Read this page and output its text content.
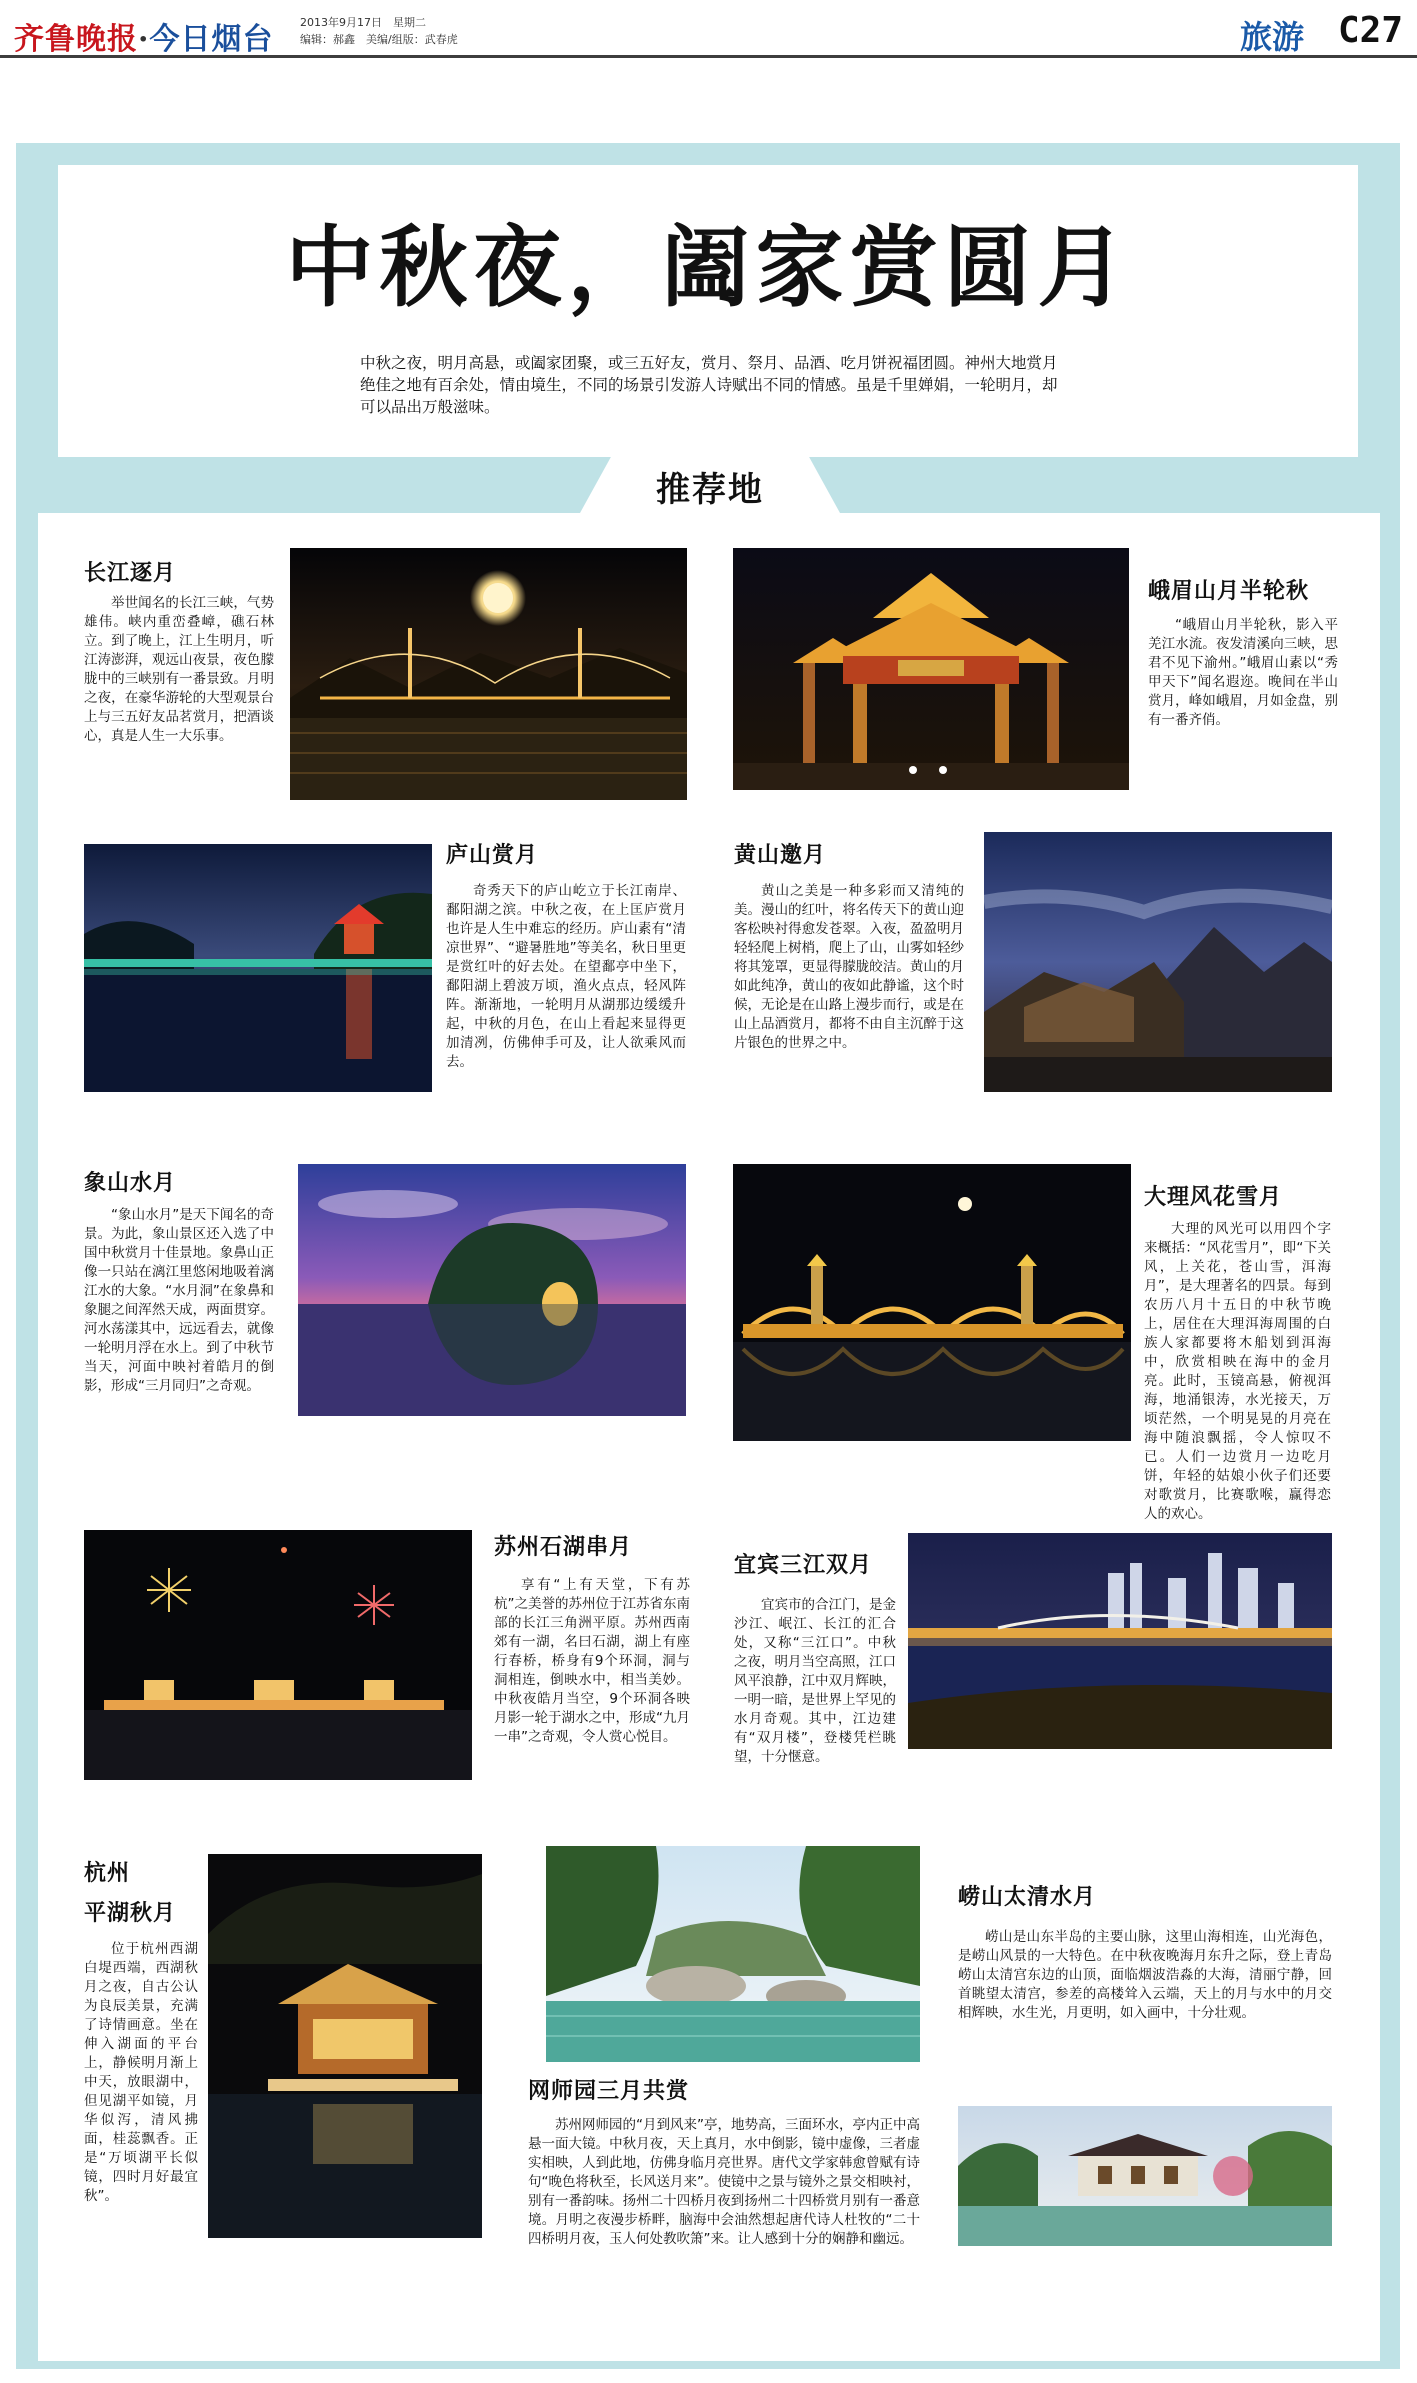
齐鲁晚报·今日烟台 2013年9月17日　星期二
编辑：郝鑫　美编/组版：武春虎	旅游 C27
中秋夜，阖家赏圆月
中秋之夜，明月高悬，或阖家团聚，或三五好友，赏月、祭月、品酒、吃月饼祝福团圆。神州大地赏月绝佳之地有百余处，情由境生，不同的场景引发游人诗赋出不同的情感。虽是千里婵娟，一轮明月，却可以品出万般滋味。
推荐地
长江逐月
举世闻名的长江三峡，气势雄伟。峡内重峦叠嶂，礁石林立。到了晚上，江上生明月，听江涛澎湃，观远山夜景，夜色朦胧中的三峡别有一番景致。月明之夜，在豪华游轮的大型观景台上与三五好友品茗赏月，把酒谈心，真是人生一大乐事。
峨眉山月半轮秋
“峨眉山月半轮秋，影入平羌江水流。夜发清溪向三峡，思君不见下渝州。”峨眉山素以“秀甲天下”闻名遐迩。晚间在半山赏月，峰如峨眉，月如金盘，别有一番齐俏。
庐山赏月
奇秀天下的庐山屹立于长江南岸、鄱阳湖之滨。中秋之夜，在上匡庐赏月也许是人生中难忘的经历。庐山素有“清凉世界”、“避暑胜地”等美名，秋日里更是赏红叶的好去处。在望鄱亭中坐下，鄱阳湖上碧波万顷，渔火点点，轻风阵阵。渐渐地，一轮明月从湖那边缓缓升起，中秋的月色，在山上看起来显得更加清冽，仿佛伸手可及，让人欲乘风而去。
黄山邀月
黄山之美是一种多彩而又清纯的美。漫山的红叶，将名传天下的黄山迎客松映衬得愈发苍翠。入夜，盈盈明月轻轻爬上树梢，爬上了山，山雾如轻纱将其笼罩，更显得朦胧皎洁。黄山的月如此纯净，黄山的夜如此静谧，这个时候，无论是在山路上漫步而行，或是在山上品酒赏月，都将不由自主沉醉于这片银色的世界之中。
象山水月
“象山水月”是天下闻名的奇景。为此，象山景区还入选了中国中秋赏月十佳景地。象鼻山正像一只站在漓江里悠闲地吸着漓江水的大象。“水月洞”在象鼻和象腿之间浑然天成，两面贯穿。河水荡漾其中，远远看去，就像一轮明月浮在水上。到了中秋节当天，河面中映衬着皓月的倒影，形成“三月同归”之奇观。
大理风花雪月
大理的风光可以用四个字来概括：“风花雪月”，即“下关风，上关花，苍山雪，洱海月”，是大理著名的四景。每到农历八月十五日的中秋节晚上，居住在大理洱海周围的白族人家都要将木船划到洱海中，欣赏相映在海中的金月亮。此时，玉镜高悬，俯视洱海，地涌银涛，水光接天，万顷茫然，一个明晃晃的月亮在海中随浪飘摇，令人惊叹不已。人们一边赏月一边吃月饼，年轻的姑娘小伙子们还要对歌赏月，比赛歌喉，赢得恋人的欢心。
苏州石湖串月
享有“上有天堂，下有苏杭”之美誉的苏州位于江苏省东南部的长江三角洲平原。苏州西南郊有一湖，名曰石湖，湖上有座行春桥，桥身有9个环洞，洞与洞相连，倒映水中，相当美妙。中秋夜皓月当空，9个环洞各映月影一轮于湖水之中，形成“九月一串”之奇观，令人赏心悦目。
宜宾三江双月
宜宾市的合江门，是金沙江、岷江、长江的汇合处，又称“三江口”。中秋之夜，明月当空高照，江口风平浪静，江中双月辉映，一明一暗，是世界上罕见的水月奇观。其中，江边建有“双月楼”，登楼凭栏眺望，十分惬意。
杭州
平湖秋月
位于杭州西湖白堤西端，西湖秋月之夜，自古公认为良辰美景，充满了诗情画意。坐在伸入湖面的平台上，静候明月渐上中天，放眼湖中，但见湖平如镜，月华似泻，清风拂面，桂蕊飘香。正是“万顷湖平长似镜，四时月好最宜秋”。
网师园三月共赏
苏州网师园的“月到风来”亭，地势高，三面环水，亭内正中高悬一面大镜。中秋月夜，天上真月，水中倒影，镜中虚像，三者虚实相映，人到此地，仿佛身临月亮世界。唐代文学家韩愈曾赋有诗句“晚色将秋至，长风送月来”。使镜中之景与镜外之景交相映衬，别有一番韵味。扬州二十四桥月夜到扬州二十四桥赏月别有一番意境。月明之夜漫步桥畔，脑海中会油然想起唐代诗人杜牧的“二十四桥明月夜，玉人何处教吹箫”来。让人感到十分的娴静和幽远。
崂山太清水月
崂山是山东半岛的主要山脉，这里山海相连，山光海色，是崂山风景的一大特色。在中秋夜晚海月东升之际，登上青岛崂山太清宫东边的山顶，面临烟波浩淼的大海，清丽宁静，回首眺望太清宫，参差的高楼耸入云端，天上的月与水中的月交相辉映，水生光，月更明，如入画中，十分壮观。
